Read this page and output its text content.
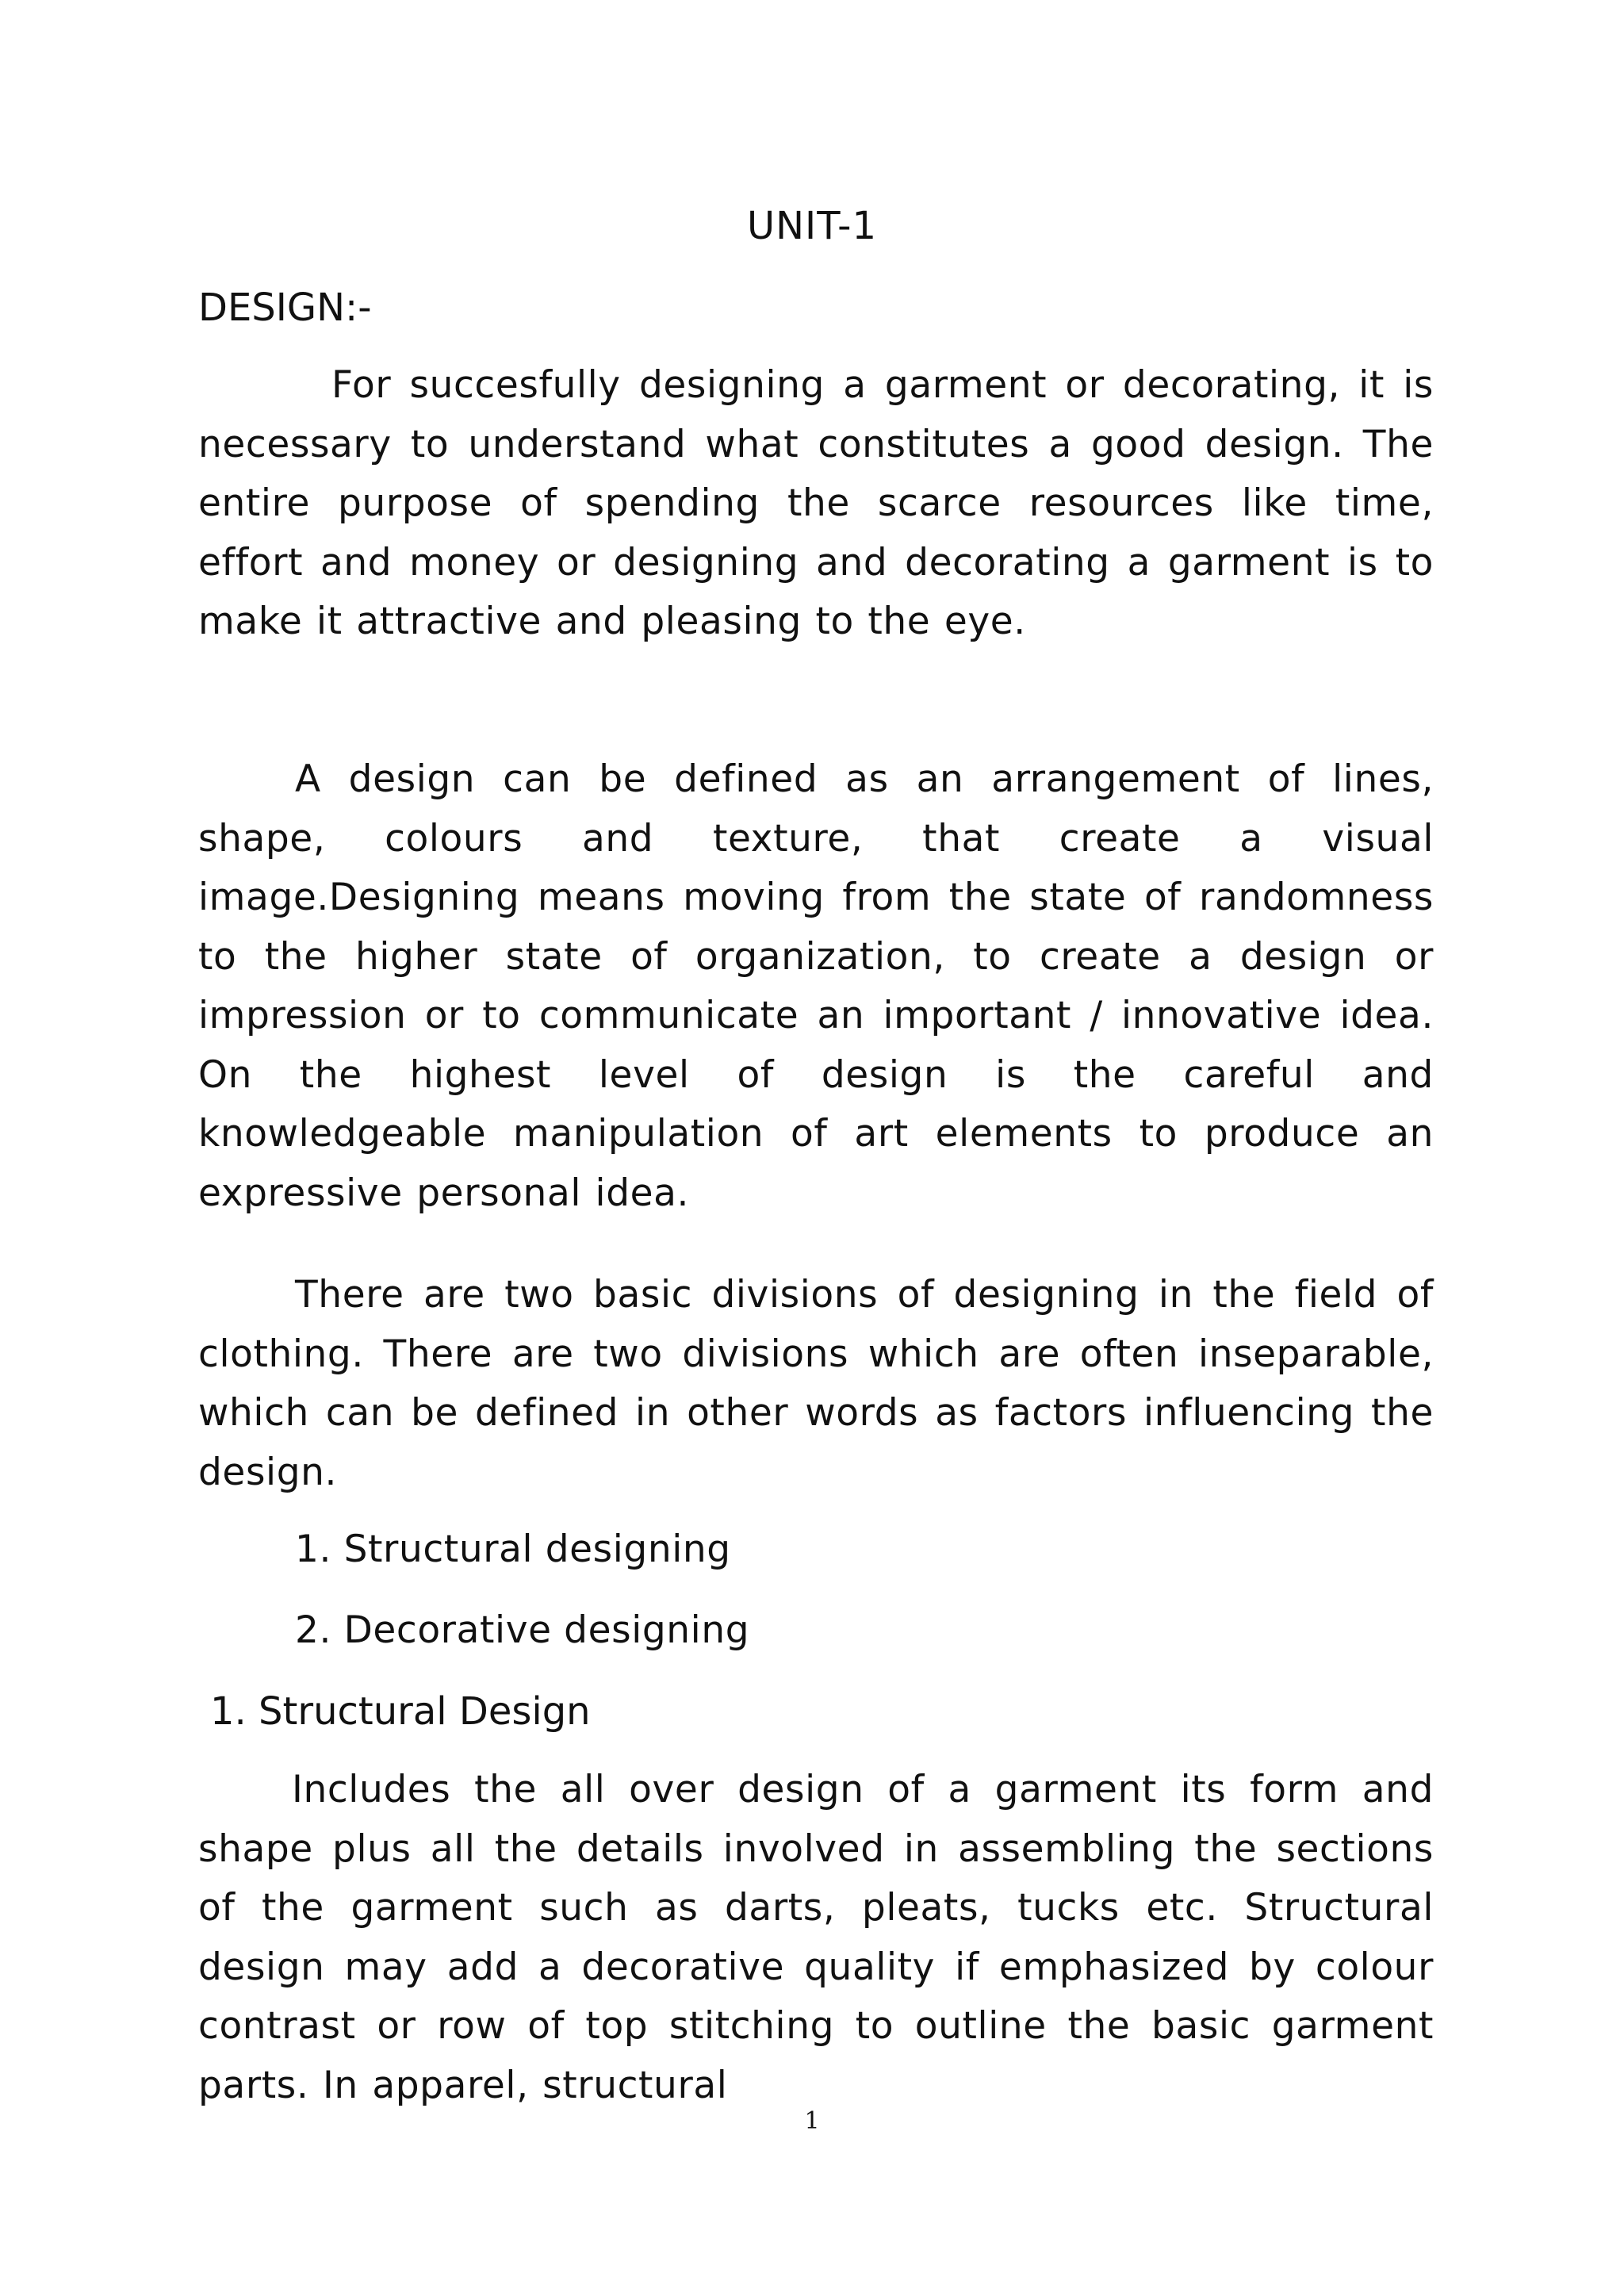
UNIT-1
DESIGN:-

For succesfully designing a garment or decorating, it is necessary to understand what constitutes a good design. The entire purpose of spending the scarce resources like time, effort and money or designing and decorating a garment is to make it attractive and pleasing to the eye.

A design can be defined as an arrangement of lines, shape, colours and texture, that create a visual image.Designing means moving from the state of randomness to the higher state of organization, to create a design or impression or to communicate an important / innovative idea. On the highest level of design is the careful and knowledgeable manipulation of art elements to produce an expressive personal idea.

There are two basic divisions of designing in the field of clothing. There are two divisions which are often inseparable, which can be defined in other words as factors influencing the design.

1. Structural designing
2. Decorative designing
1. Structural Design

Includes the all over design of a garment its form and shape plus all the details involved in assembling the sections of the garment such as darts, pleats, tucks etc. Structural design may add a decorative quality if emphasized by colour contrast or row of top stitching to outline the basic garment parts. In apparel, structural

1
